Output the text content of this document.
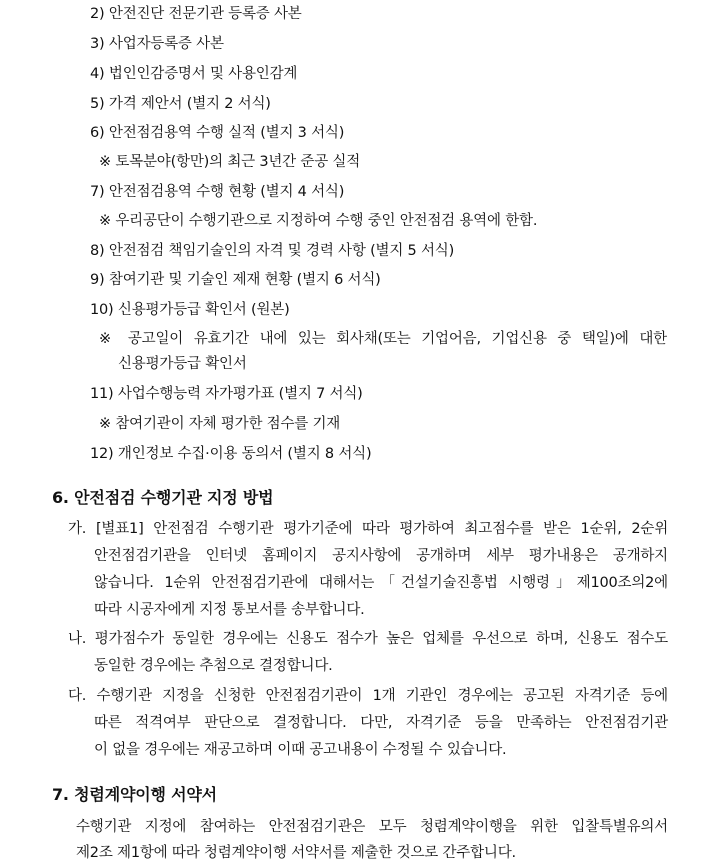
2) 안전진단 전문기관 등록증 사본
3) 사업자등록증 사본
4) 법인인감증명서 및 사용인감계
5) 가격 제안서 (별지 2 서식)
6) 안전점검용역 수행 실적 (별지 3 서식)
※ 토목분야(항만)의 최근 3년간 준공 실적
7) 안전점검용역 수행 현황 (별지 4 서식)
※ 우리공단이 수행기관으로 지정하여 수행 중인 안전점검 용역에 한함.
8) 안전점검 책임기술인의 자격 및 경력 사항 (별지 5 서식)
9) 참여기관 및 기술인 제재 현황 (별지 6 서식)
10) 신용평가등급 확인서 (원본)
※ 공고일이 유효기간 내에 있는 회사채(또는 기업어음, 기업신용 중 택일)에 대한
신용평가등급 확인서
11) 사업수행능력 자가평가표 (별지 7 서식)
※ 참여기관이 자체 평가한 점수를 기재
12) 개인정보 수집·이용 동의서 (별지 8 서식)
6. 안전점검 수행기관 지정 방법
가. [별표1] 안전점검 수행기관 평가기준에 따라 평가하여 최고점수를 받은 1순위, 2순위
안전점검기관을 인터넷 홈페이지 공지사항에 공개하며 세부 평가내용은 공개하지
않습니다. 1순위 안전점검기관에 대해서는「건설기술진흥법 시행령」제100조의2에
따라 시공자에게 지정 통보서를 송부합니다.
나. 평가점수가 동일한 경우에는 신용도 점수가 높은 업체를 우선으로 하며, 신용도 점수도
동일한 경우에는 추첨으로 결정합니다.
다. 수행기관 지정을 신청한 안전점검기관이 1개 기관인 경우에는 공고된 자격기준 등에
따른 적격여부 판단으로 결정합니다. 다만, 자격기준 등을 만족하는 안전점검기관
이 없을 경우에는 재공고하며 이때 공고내용이 수정될 수 있습니다.
7. 청렴계약이행 서약서
수행기관 지정에 참여하는 안전점검기관은 모두 청렴계약이행을 위한 입찰특별유의서
제2조 제1항에 따라 청렴계약이행 서약서를 제출한 것으로 간주합니다.
